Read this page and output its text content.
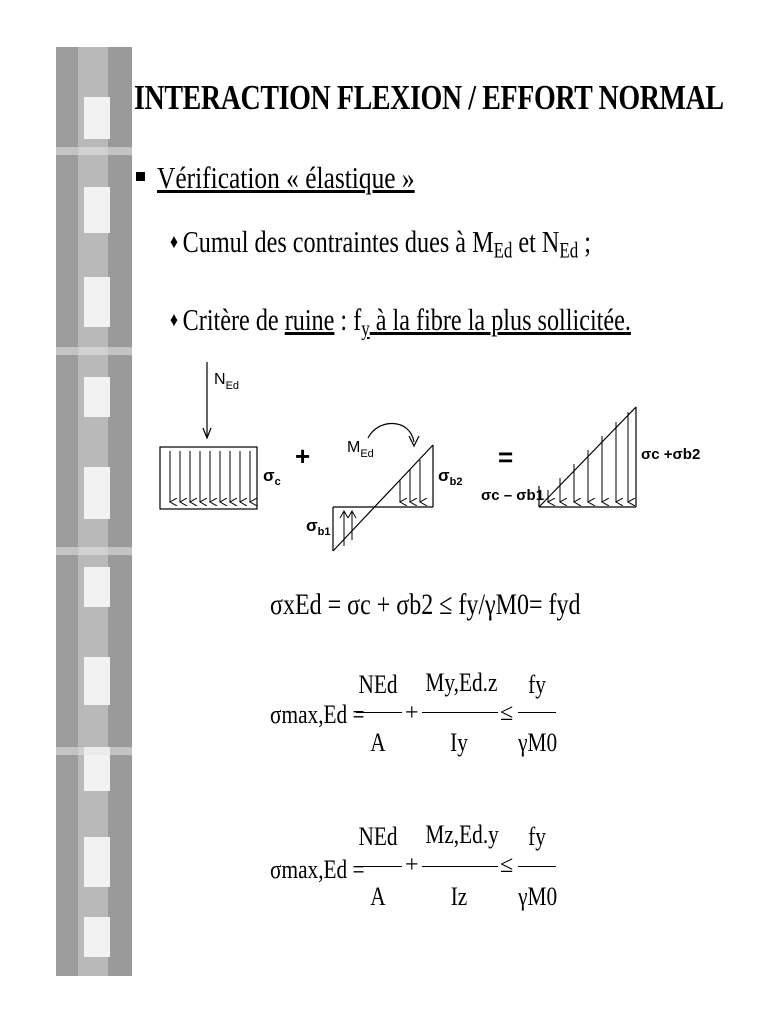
INTERACTION FLEXION / EFFORT NORMAL
Vérification « élastique »
♦ Cumul des contraintes dues à $M_{Ed}$ et $N_{Ed}$ ;
♦ Critère de ruine : $f_y$ à la fibre la plus sollicitée.
$N_{Ed}$
$\sigma_c$
+ $M_{Ed}$
$\sigma_{b2}$
$\sigma_{b1}$
=	σc +σb2
σc – σb1
σxEd = σc + σb2 ≤ fy/γM0= fyd
σmax,Ed =
NEd
A
+
My,Ed.z
Iy
≤
fy
γM0
σmax,Ed =
NEd
A
+
Mz,Ed.y
Iz
≤
fy
γM0
